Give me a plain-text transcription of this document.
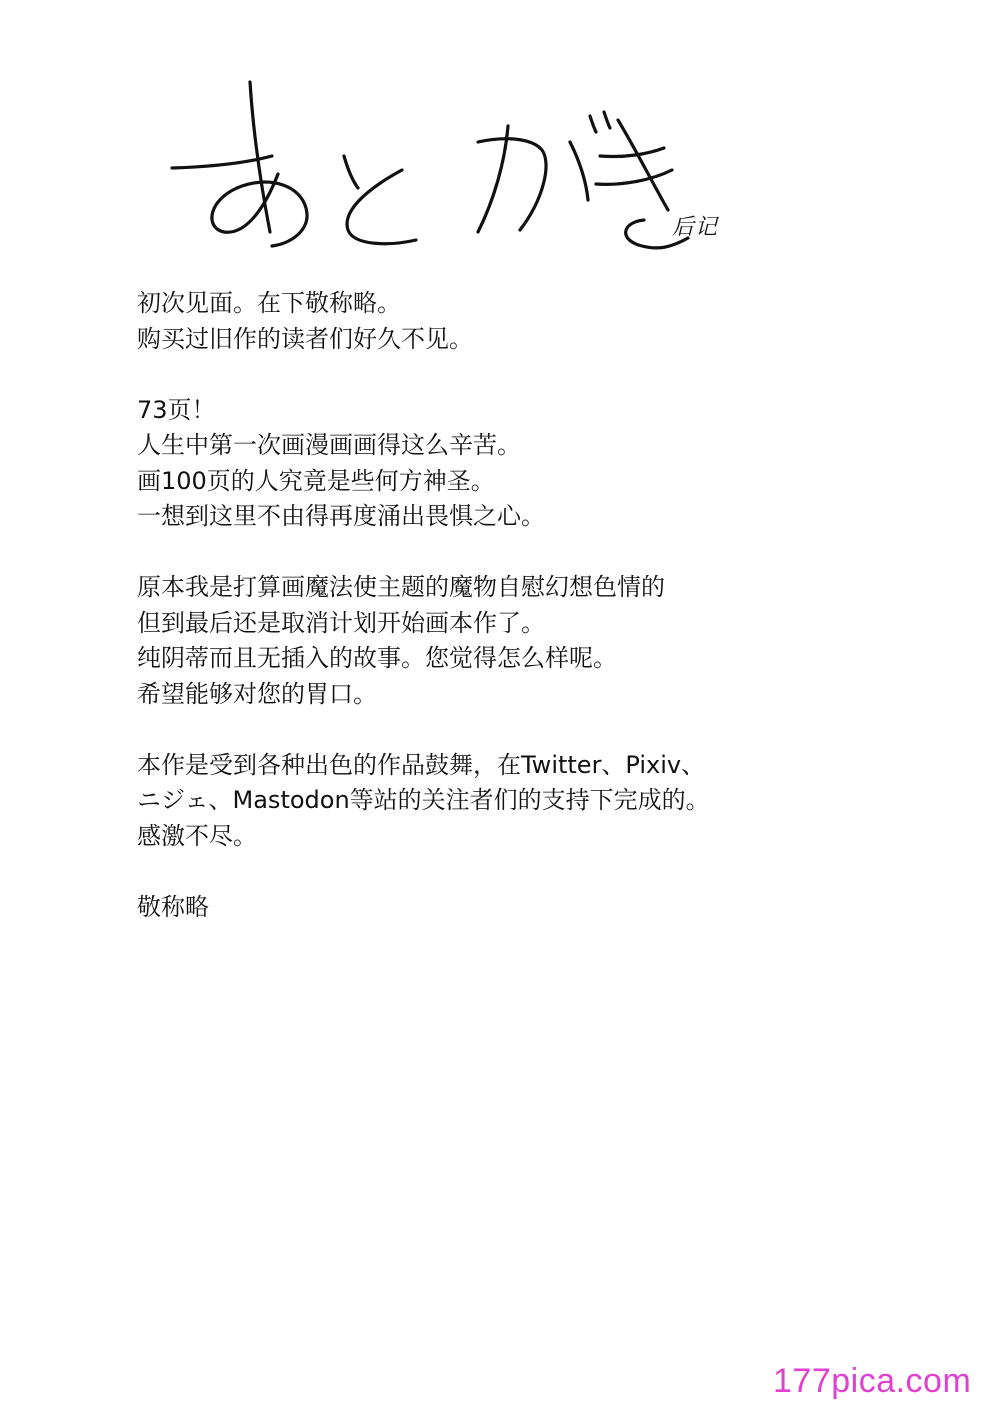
后记
初次见面。在下敬称略。
购买过旧作的读者们好久不见。
73页！
人生中第一次画漫画画得这么辛苦。
画100页的人究竟是些何方神圣。
一想到这里不由得再度涌出畏惧之心。
原本我是打算画魔法使主题的魔物自慰幻想色情的
但到最后还是取消计划开始画本作了。
纯阴蒂而且无插入的故事。您觉得怎么样呢。
希望能够对您的胃口。
本作是受到各种出色的作品鼓舞，在Twitter、Pixiv、
ニジェ、Mastodon等站的关注者们的支持下完成的。
感激不尽。
敬称略
177pica.com
